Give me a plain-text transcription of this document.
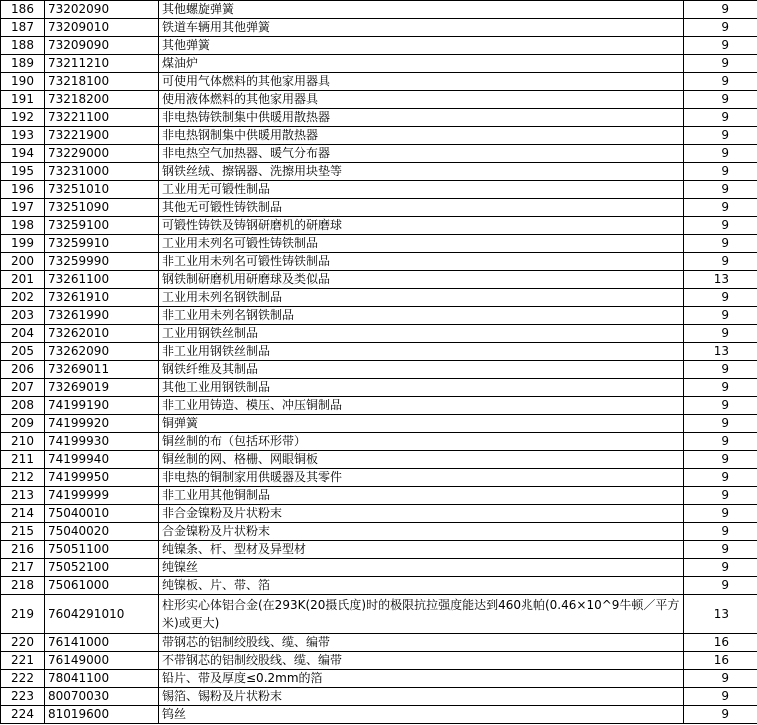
186	73202090	其他螺旋弹簧	9
187	73209010	铁道车辆用其他弹簧	9
188	73209090	其他弹簧	9
189	73211210	煤油炉	9
190	73218100	可使用气体燃料的其他家用器具	9
191	73218200	使用液体燃料的其他家用器具	9
192	73221100	非电热铸铁制集中供暖用散热器	9
193	73221900	非电热钢制集中供暖用散热器	9
194	73229000	非电热空气加热器、暖气分布器	9
195	73231000	钢铁丝绒、擦锅器、洗擦用块垫等	9
196	73251010	工业用无可锻性制品	9
197	73251090	其他无可锻性铸铁制品	9
198	73259100	可锻性铸铁及铸钢研磨机的研磨球	9
199	73259910	工业用未列名可锻性铸铁制品	9
200	73259990	非工业用未列名可锻性铸铁制品	9
201	73261100	钢铁制研磨机用研磨球及类似品	13
202	73261910	工业用未列名钢铁制品	9
203	73261990	非工业用未列名钢铁制品	9
204	73262010	工业用钢铁丝制品	9
205	73262090	非工业用钢铁丝制品	13
206	73269011	钢铁纤维及其制品	9
207	73269019	其他工业用钢铁制品	9
208	74199190	非工业用铸造、模压、冲压铜制品	9
209	74199920	铜弹簧	9
210	74199930	铜丝制的布（包括环形带）	9
211	74199940	铜丝制的网、格栅、网眼铜板	9
212	74199950	非电热的铜制家用供暖器及其零件	9
213	74199999	非工业用其他铜制品	9
214	75040010	非合金镍粉及片状粉末	9
215	75040020	合金镍粉及片状粉末	9
216	75051100	纯镍条、杆、型材及异型材	9
217	75052100	纯镍丝	9
218	75061000	纯镍板、片、带、箔	9
219	7604291010	柱形实心体铝合金(在293K(20摄氏度)时的极限抗拉强度能达到460兆帕(0.46×10^9牛顿／平方米)或更大)	13
220	76141000	带钢芯的铝制绞股线、缆、编带	16
221	76149000	不带钢芯的铝制绞股线、缆、编带	16
222	78041100	铅片、带及厚度≤0.2mm的箔	9
223	80070030	锡箔、锡粉及片状粉末	9
224	81019600	钨丝	9
